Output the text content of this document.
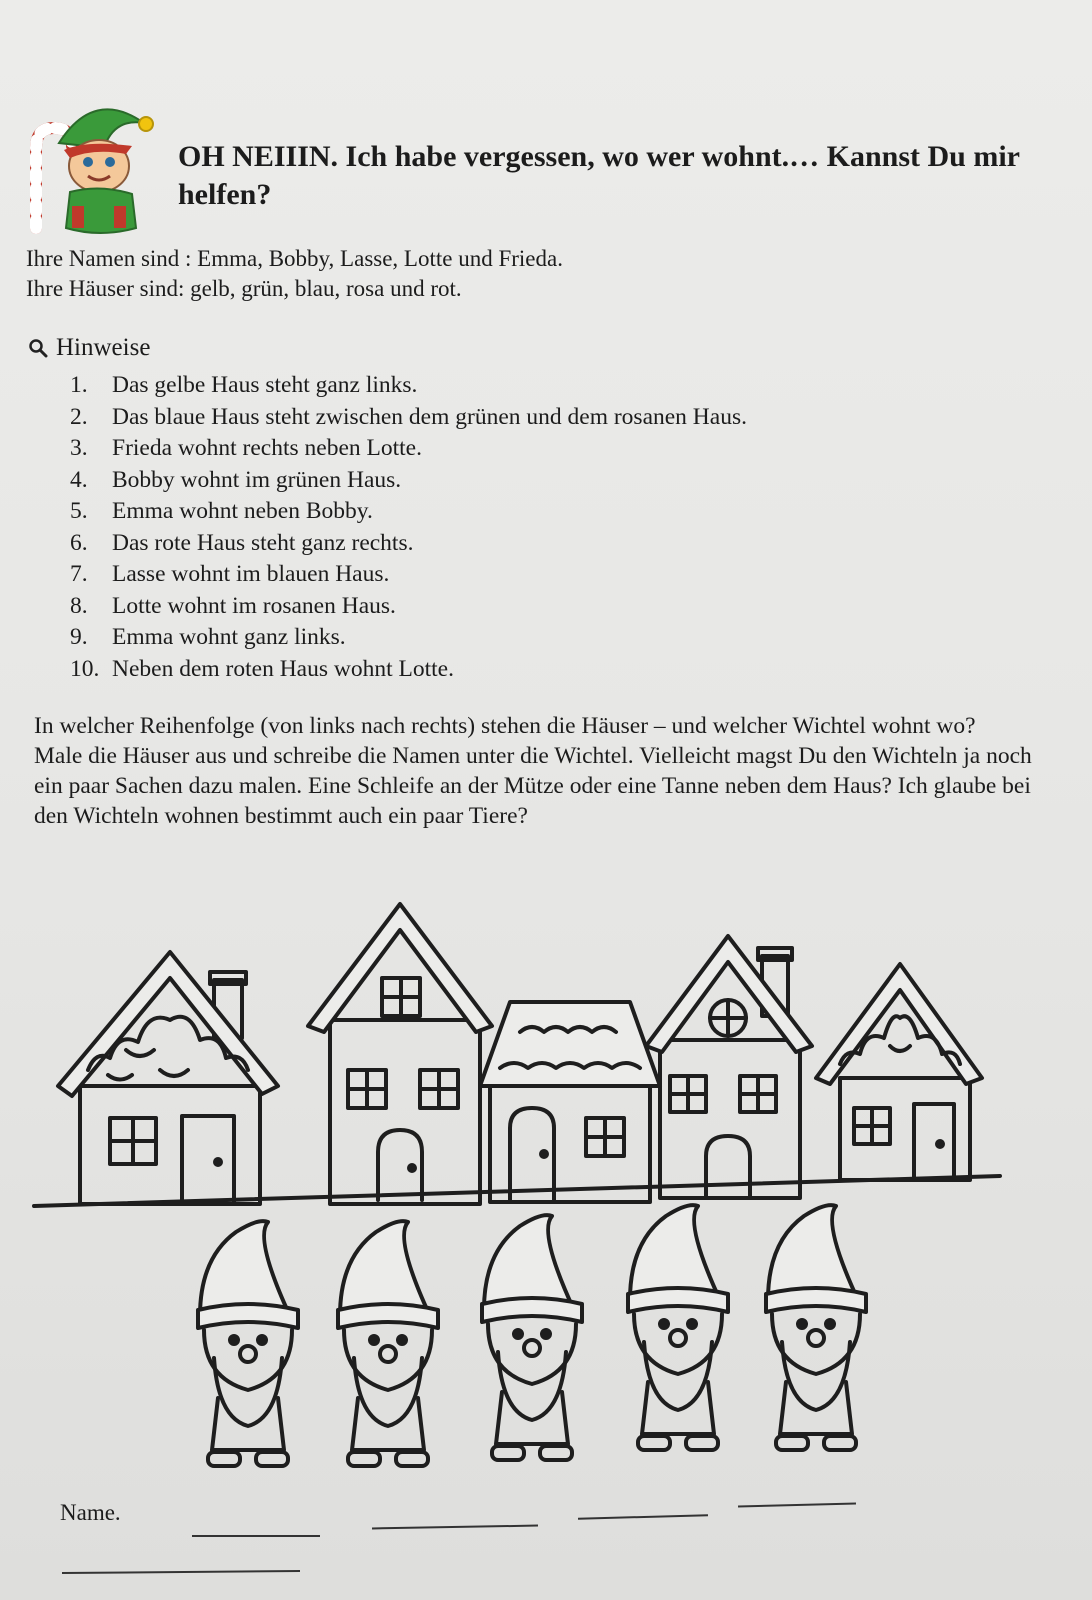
OH NEIIIN. Ich habe vergessen, wo wer wohnt.… Kannst Du mir helfen?

Ihre Namen sind : Emma, Bobby, Lasse, Lotte und Frieda.

Ihre Häuser sind: gelb, grün, blau, rosa und rot.

Hinweise
1.	Das gelbe Haus steht ganz links.
2.	Das blaue Haus steht zwischen dem grünen und dem rosanen Haus.
3.	Frieda wohnt rechts neben Lotte.
4.	Bobby wohnt im grünen Haus.
5.	Emma wohnt neben Bobby.
6.	Das rote Haus steht ganz rechts.
7.	Lasse wohnt im blauen Haus.
8.	Lotte wohnt im rosanen Haus.
9.	Emma wohnt ganz links.
10. Neben dem roten Haus wohnt Lotte.

In welcher Reihenfolge (von links nach rechts) stehen die Häuser – und welcher Wichtel wohnt wo?

Male die Häuser aus und schreibe die Namen unter die Wichtel. Vielleicht magst Du den Wichteln ja noch ein paar Sachen dazu malen. Eine Schleife an der Mütze oder eine Tanne neben dem Haus? Ich glaube bei den Wichteln wohnen bestimmt auch ein paar Tiere?

Name.
